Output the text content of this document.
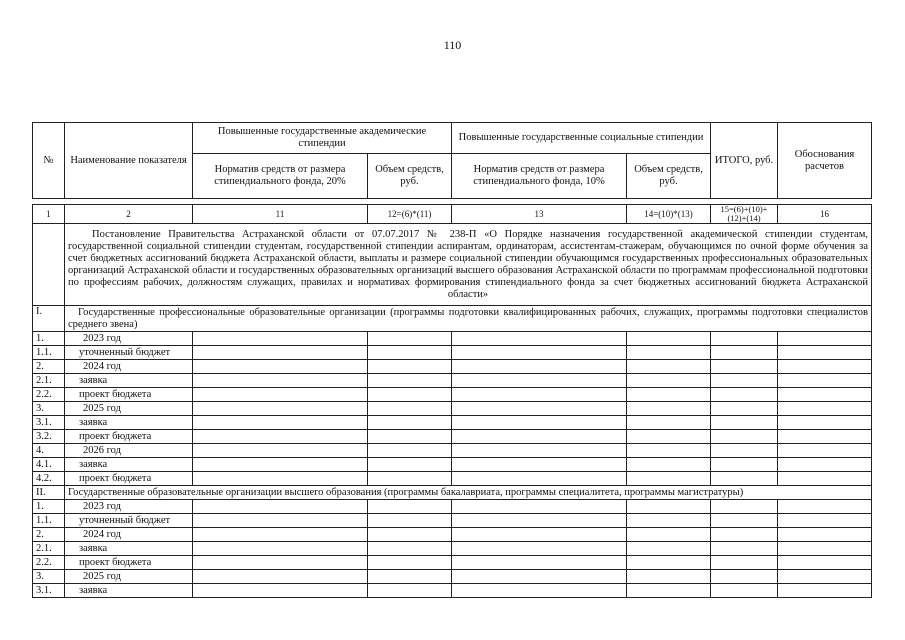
110
№	Наименование показателя	Повышенные государственные академические стипендии		Повышенные государственные социальные стипендии		ИТОГО, руб.	Обоснования расчетов
		Норматив средств от размера стипендиального фонда, 20%	Объем средств, руб.	Норматив средств от размера стипендиального фонда, 10%	Объем средств, руб.		
1	2	11	12=(6)*(11)	13	14=(10)*(13)	15=(6)+(10)+(12)+(14)	16
	Постановление Правительства Астраханской области от 07.07.2017 № 238-П «О Порядке назначения государственной академической стипендии студентам, государственной социальной стипендии студентам, государственной стипендии аспирантам, ординаторам, ассистентам-стажерам, обучающимся по очной форме обучения за счет бюджетных ассигнований бюджета Астраханской области, выплаты и размере социальной стипендии обучающимся государственных профессиональных образовательных организаций Астраханской области и государственных образовательных организаций высшего образования Астраханской области по программам профессиональной подготовки по профессиям рабочих, должностям служащих, правилах и нормативах формирования стипендиального фонда за счет бюджетных ассигнований бюджета Астраханской области»						
I.	Государственные профессиональные образовательные организации (программы подготовки квалифицированных рабочих, служащих, программы подготовки специалистов среднего звена)						
1.	2023 год						
1.1.	уточненный бюджет						
2.	2024 год						
2.1.	заявка						
2.2.	проект бюджета						
3.	2025 год						
3.1.	заявка						
3.2.	проект бюджета						
4.	2026 год						
4.1.	заявка						
4.2.	проект бюджета						
II.	Государственные образовательные организации высшего образования (программы бакалавриата, программы специалитета, программы магистратуры)						
1.	2023 год						
1.1.	уточненный бюджет						
2.	2024 год						
2.1.	заявка						
2.2.	проект бюджета						
3.	2025 год						
3.1.	заявка						
